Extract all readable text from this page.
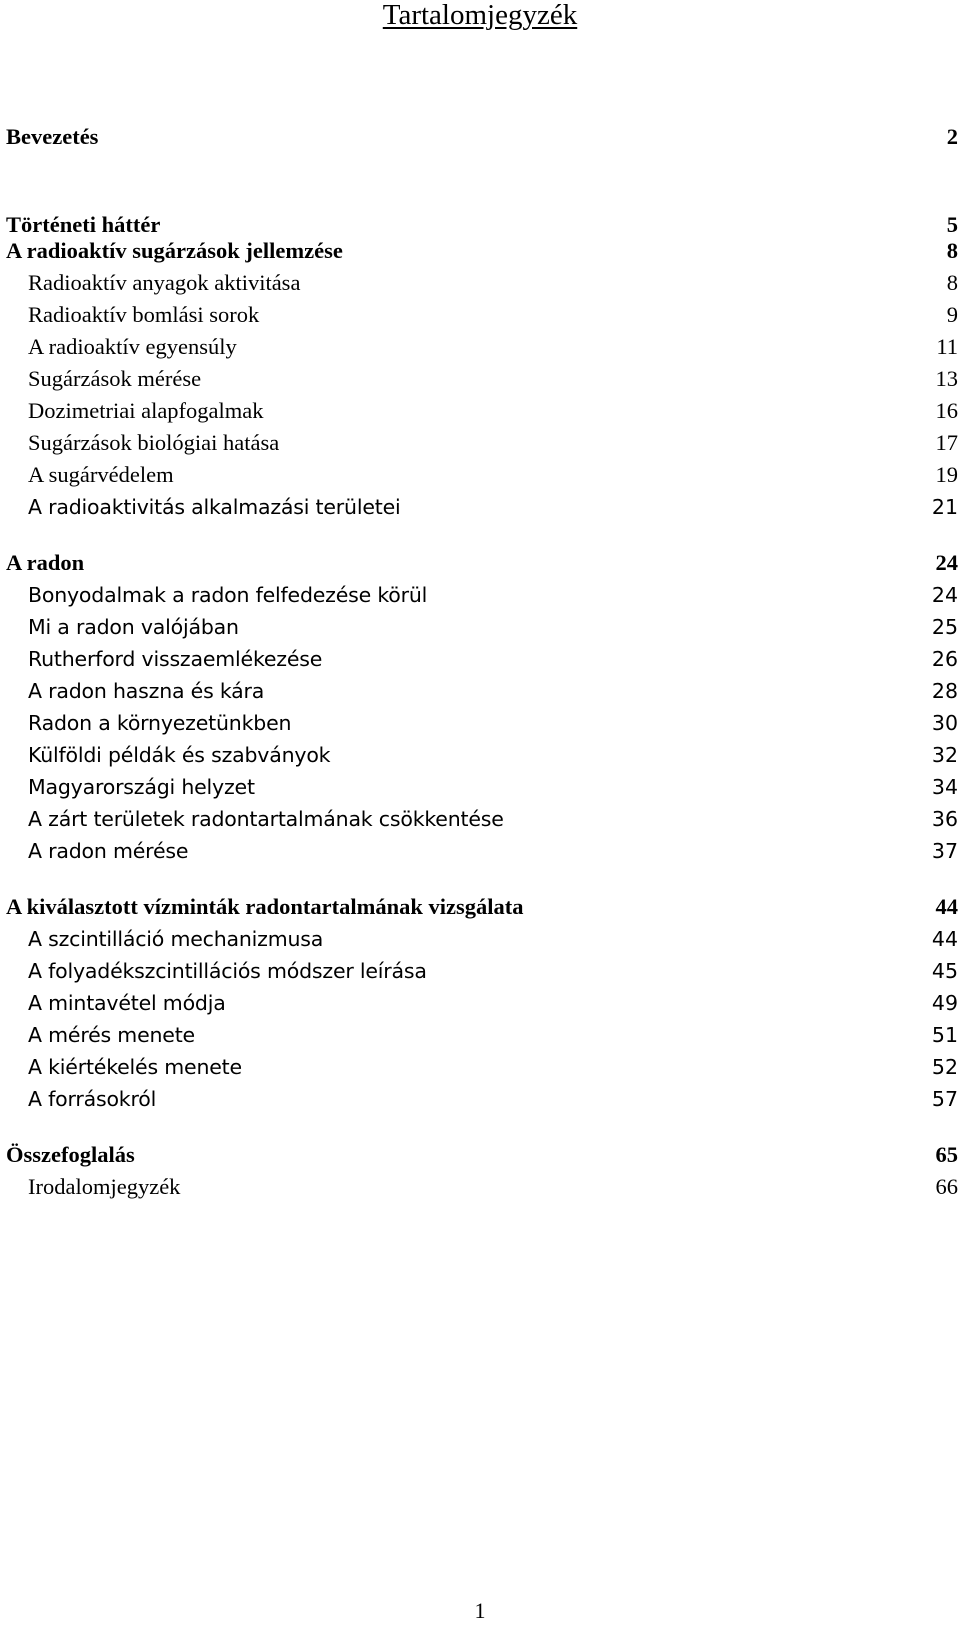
Tartalomjegyzék
Bevezetés	2
Történeti háttér	5
A radioaktív sugárzások jellemzése	8
Radioaktív anyagok aktivitása	8
Radioaktív bomlási sorok	9
A radioaktív egyensúly	11
Sugárzások mérése	13
Dozimetriai alapfogalmak	16
Sugárzások biológiai hatása	17
A sugárvédelem	19
A radioaktivitás alkalmazási területei	21
A radon	24
Bonyodalmak a radon felfedezése körül	24
Mi a radon valójában	25
Rutherford visszaemlékezése	26
A radon haszna és kára	28
Radon a környezetünkben	30
Külföldi példák és szabványok	32
Magyarországi helyzet	34
A zárt területek radontartalmának csökkentése	36
A radon mérése	37
A kiválasztott vízminták radontartalmának vizsgálata	44
A szcintilláció mechanizmusa	44
A folyadékszcintillációs módszer leírása	45
A mintavétel módja	49
A mérés menete	51
A kiértékelés menete	52
A forrásokról	57
Összefoglalás	65
Irodalomjegyzék	66
1
